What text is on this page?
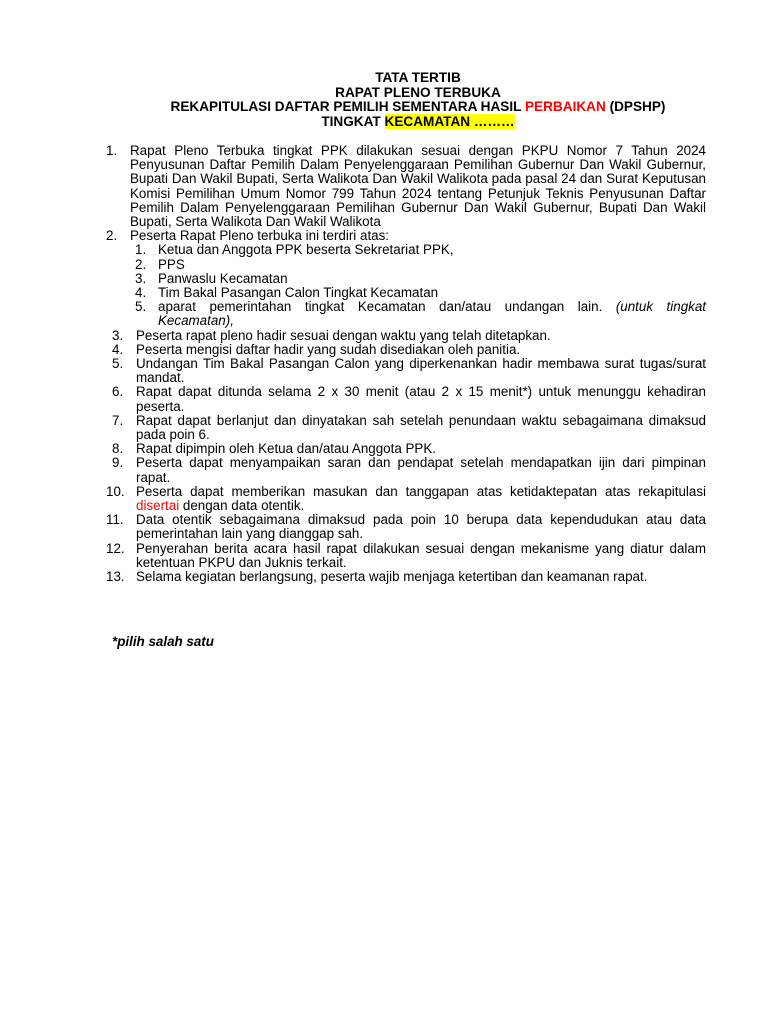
TATA TERTIB
RAPAT PLENO TERBUKA
REKAPITULASI DAFTAR PEMILIH SEMENTARA HASIL PERBAIKAN (DPSHP)
TINGKAT KECAMATAN ………
1. Rapat Pleno Terbuka tingkat PPK dilakukan sesuai dengan PKPU Nomor 7 Tahun 2024 Penyusunan Daftar Pemilih Dalam Penyelenggaraan Pemilihan Gubernur Dan Wakil Gubernur, Bupati Dan Wakil Bupati, Serta Walikota Dan Wakil Walikota pada pasal 24 dan Surat Keputusan Komisi Pemilihan Umum Nomor 799 Tahun 2024 tentang Petunjuk Teknis Penyusunan Daftar Pemilih Dalam Penyelenggaraan Pemilihan Gubernur Dan Wakil Gubernur, Bupati Dan Wakil Bupati, Serta Walikota Dan Wakil Walikota
2. Peserta Rapat Pleno terbuka ini terdiri atas:
1. Ketua dan Anggota PPK beserta Sekretariat PPK,
2. PPS
3. Panwaslu Kecamatan
4. Tim Bakal Pasangan Calon Tingkat Kecamatan
5. aparat pemerintahan tingkat Kecamatan dan/atau undangan lain. (untuk tingkat Kecamatan),
3. Peserta rapat pleno hadir sesuai dengan waktu yang telah ditetapkan.
4. Peserta mengisi daftar hadir yang sudah disediakan oleh panitia.
5. Undangan Tim Bakal Pasangan Calon yang diperkenankan hadir membawa surat tugas/surat mandat.
6. Rapat dapat ditunda selama 2 x 30 menit (atau 2 x 15 menit*) untuk menunggu kehadiran peserta.
7. Rapat dapat berlanjut dan dinyatakan sah setelah penundaan waktu sebagaimana dimaksud pada poin 6.
8. Rapat dipimpin oleh Ketua dan/atau Anggota PPK.
9. Peserta dapat menyampaikan saran dan pendapat setelah mendapatkan ijin dari pimpinan rapat.
10. Peserta dapat memberikan masukan dan tanggapan atas ketidaktepatan atas rekapitulasi disertai dengan data otentik.
11. Data otentik sebagaimana dimaksud pada poin 10 berupa data kependudukan atau data pemerintahan lain yang dianggap sah.
12. Penyerahan berita acara hasil rapat dilakukan sesuai dengan mekanisme yang diatur dalam ketentuan PKPU dan Juknis terkait.
13. Selama kegiatan berlangsung, peserta wajib menjaga ketertiban dan keamanan rapat.
*pilih salah satu
